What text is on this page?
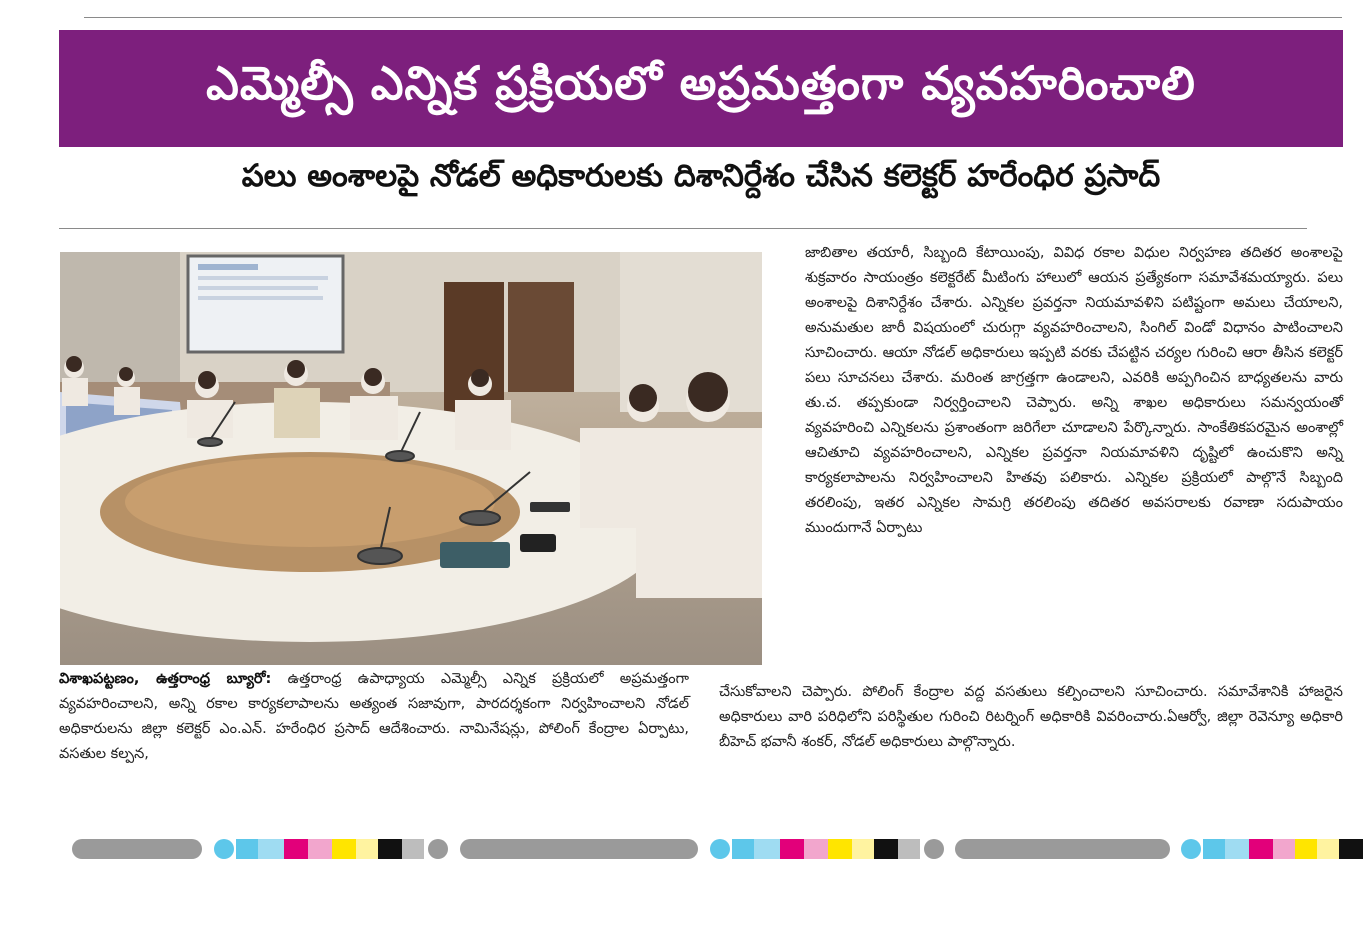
ఎమ్మెల్సీ ఎన్నిక ప్రక్రియలో అప్రమత్తంగా వ్యవహరించాలి
పలు అంశాలపై నోడల్ అధికారులకు దిశానిర్దేశం చేసిన కలెక్టర్ హరేంధిర ప్రసాద్

జాబితాల తయారీ, సిబ్బంది కేటాయింపు, వివిధ రకాల విధుల నిర్వహణ తదితర అంశాలపై శుక్రవారం సాయంత్రం కలెక్టరేట్ మీటింగు హాలులో ఆయన ప్రత్యేకంగా సమావేశమయ్యారు. పలు అంశాలపై దిశానిర్దేశం చేశారు. ఎన్నికల ప్రవర్తనా నియమావళిని పటిష్టంగా అమలు చేయాలని, అనుమతుల జారీ విషయంలో చురుగ్గా వ్యవహరించాలని, సింగిల్ విండో విధానం పాటించాలని సూచించారు. ఆయా నోడల్ అధికారులు ఇప్పటి వరకు చేపట్టిన చర్యల గురించి ఆరా తీసిన కలెక్టర్ పలు సూచనలు చేశారు. మరింత జాగ్రత్తగా ఉండాలని, ఎవరికి అప్పగించిన బాధ్యతలను వారు తు.చ. తప్పకుండా నిర్వర్తించాలని చెప్పారు. అన్ని శాఖల అధికారులు సమన్వయంతో వ్యవహరించి ఎన్నికలను ప్రశాంతంగా జరిగేలా చూడాలని పేర్కొన్నారు. సాంకేతికపరమైన అంశాల్లో ఆచితూచి వ్యవహరించాలని, ఎన్నికల ప్రవర్తనా నియమావళిని దృష్టిలో ఉంచుకొని అన్ని కార్యకలాపాలను నిర్వహించాలని హితవు పలికారు. ఎన్నికల ప్రక్రియలో పాల్గొనే సిబ్బంది తరలింపు, ఇతర ఎన్నికల సామగ్రి తరలింపు తదితర అవసరాలకు రవాణా సదుపాయం ముందుగానే ఏర్పాటు

విశాఖపట్టణం, ఉత్తరాంధ్ర బ్యూరో: ఉత్తరాంధ్ర ఉపాధ్యాయ ఎమ్మెల్సీ ఎన్నిక ప్రక్రియలో అప్రమత్తంగా వ్యవహరించాలని, అన్ని రకాల కార్యకలాపాలను అత్యంత సజావుగా, పారదర్శకంగా నిర్వహించాలని నోడల్ అధికారులను జిల్లా కలెక్టర్ ఎం.ఎన్. హరేంధిర ప్రసాద్ ఆదేశించారు. నామినేషన్లు, పోలింగ్ కేంద్రాల ఏర్పాటు, వసతుల కల్పన,

చేసుకోవాలని చెప్పారు. పోలింగ్ కేంద్రాల వద్ద వసతులు కల్పించాలని సూచించారు. సమావేశానికి హాజరైన అధికారులు వారి పరిధిలోని పరిస్థితుల గురించి రిటర్నింగ్ అధికారికి వివరించారు.ఏఆర్వో, జిల్లా రెవెన్యూ అధికారి బీహెచ్ భవానీ శంకర్, నోడల్ అధికారులు పాల్గొన్నారు.
